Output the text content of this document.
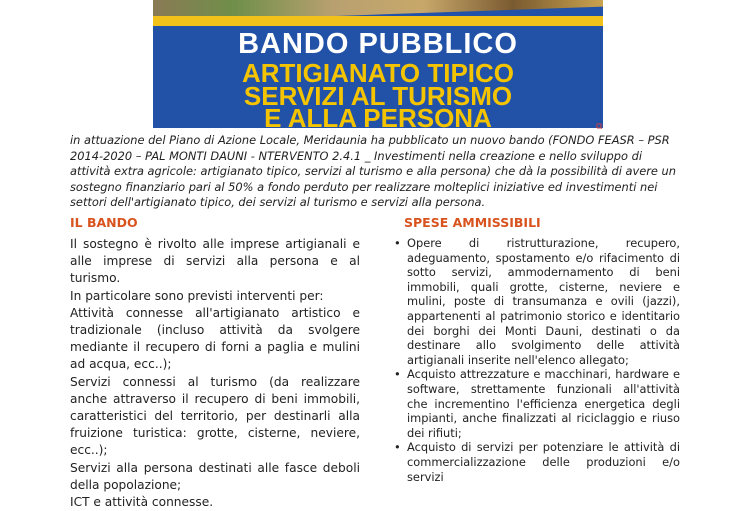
BANDO PUBBLICO
ARTIGIANATO TIPICO
SERVIZI AL TURISMO
E ALLA PERSONA	⧉
in attuazione del Piano di Azione Locale, Meridaunia ha pubblicato un nuovo bando (FONDO FEASR – PSR 2014-2020 – PAL MONTI DAUNI - NTERVENTO 2.4.1 _ Investimenti nella creazione e nello sviluppo di attività extra agricole: artigianato tipico, servizi al turismo e alla persona) che dà la possibilità di avere un sostegno finanziario pari al 50% a fondo perduto per realizzare molteplici iniziative ed investimenti nei settori dell'artigianato tipico, dei servizi al turismo e servizi alla persona.
IL BANDO	SPESE AMMISSIBILI

Il sostegno è rivolto alle imprese artigianali e alle imprese di servizi alla persona e al turismo.

In particolare sono previsti interventi per:

Attività connesse all'artigianato artistico e tradizionale (incluso attività da svolgere mediante il recupero di forni a paglia e mulini ad acqua, ecc..);

Servizi connessi al turismo (da realizzare anche attraverso il recupero di beni immobili, caratteristici del territorio, per destinarli alla fruizione turistica: grotte, cisterne, neviere, ecc..);

Servizi alla persona destinati alle fasce deboli della popolazione;

ICT e attività connesse.

• Opere di ristrutturazione, recupero, adeguamento, spostamento e/o rifacimento di sotto servizi, ammodernamento di beni immobili, quali grotte, cisterne, neviere e mulini, poste di transumanza e ovili (jazzi), appartenenti al patrimonio storico e identitario dei borghi dei Monti Dauni, destinati o da destinare allo svolgimento delle attività artigianali inserite nell'elenco allegato;
• Acquisto attrezzature e macchinari, hardware e software, strettamente funzionali all'attività che incrementino l'efficienza energetica degli impianti, anche finalizzati al riciclaggio e riuso dei rifiuti;
• Acquisto di servizi per potenziare le attività di commercializzazione delle produzioni e/o servizi
